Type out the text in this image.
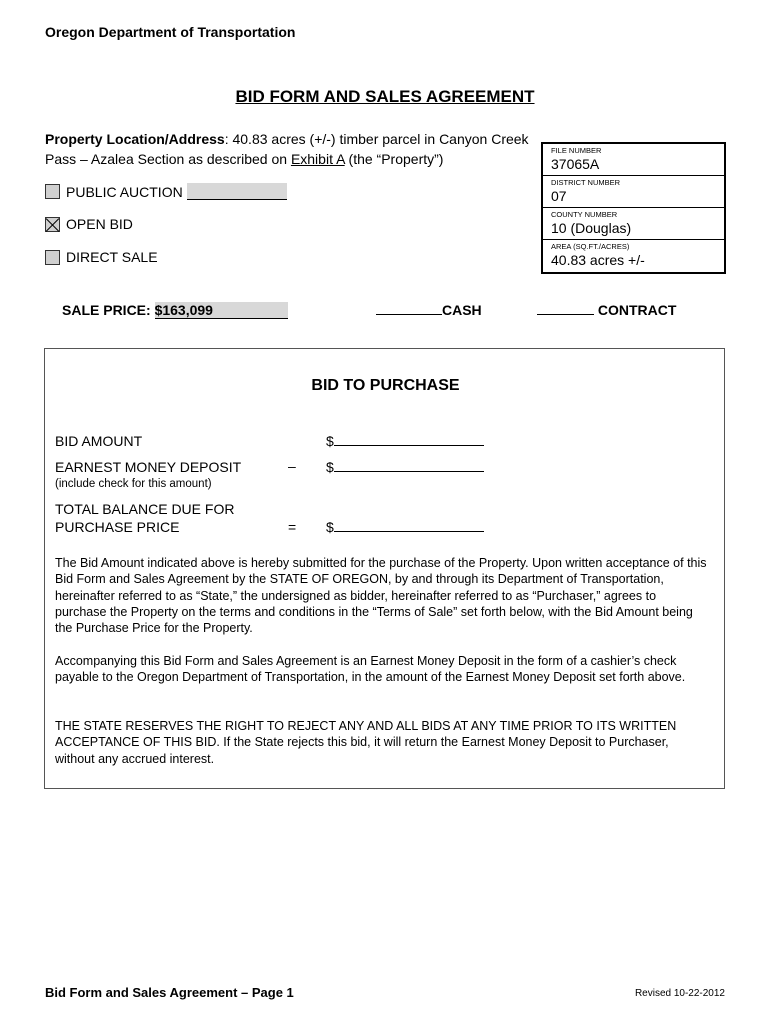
Oregon Department of Transportation
BID FORM AND SALES AGREEMENT
Property Location/Address: 40.83 acres (+/-) timber parcel in Canyon Creek Pass – Azalea Section as described on Exhibit A (the “Property”)
PUBLIC AUCTION
OPEN BID
DIRECT SALE
FILE NUMBER
37065A
DISTRICT NUMBER
07
COUNTY NUMBER
10 (Douglas)
AREA (SQ.FT./ACRES)
40.83 acres +/-
SALE PRICE: $163,099	CASH	CONTRACT
BID TO PURCHASE
BID AMOUNT	$
EARNEST MONEY DEPOSIT	– $
(include check for this amount)
TOTAL BALANCE DUE FOR
PURCHASE PRICE	= $
The Bid Amount indicated above is hereby submitted for the purchase of the Property. Upon written acceptance of this Bid Form and Sales Agreement by the STATE OF OREGON, by and through its Department of Transportation, hereinafter referred to as “State,” the undersigned as bidder, hereinafter referred to as “Purchaser,” agrees to purchase the Property on the terms and conditions in the “Terms of Sale” set forth below, with the Bid Amount being the Purchase Price for the Property.
Accompanying this Bid Form and Sales Agreement is an Earnest Money Deposit in the form of a cashier’s check payable to the Oregon Department of Transportation, in the amount of the Earnest Money Deposit set forth above.
THE STATE RESERVES THE RIGHT TO REJECT ANY AND ALL BIDS AT ANY TIME PRIOR TO ITS WRITTEN ACCEPTANCE OF THIS BID. If the State rejects this bid, it will return the Earnest Money Deposit to Purchaser, without any accrued interest.
Bid Form and Sales Agreement – Page 1	Revised 10-22-2012
